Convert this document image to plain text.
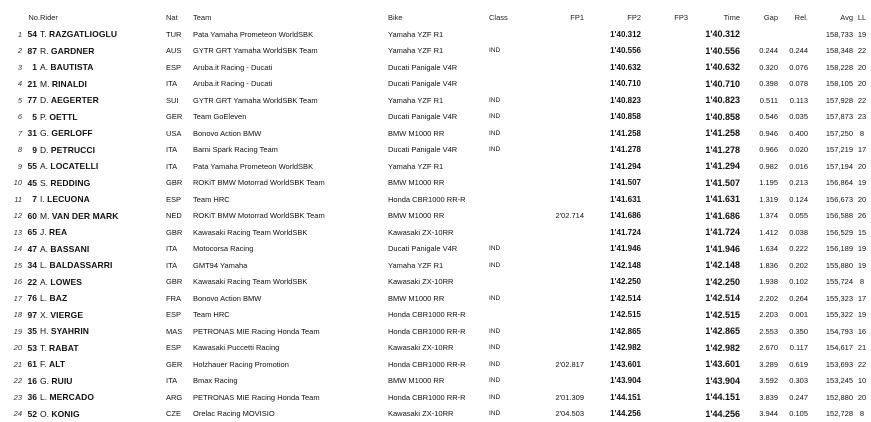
	No.	Rider	Nat	Team	Bike	Class	FP1	FP2	FP3	Time	Gap	Rel.	Avg	LL
1	54	T. RAZGATLIOGLU	TUR	Pata Yamaha Prometeon WorldSBK	Yamaha YZF R1			1'40.312		1'40.312			158,733	19
2	87	R. GARDNER	AUS	GYTR GRT Yamaha WorldSBK Team	Yamaha YZF R1	IND		1'40.556		1'40.556	0.244	0.244	158,348	22
3	1	A. BAUTISTA	ESP	Aruba.it Racing - Ducati	Ducati Panigale V4R			1'40.632		1'40.632	0.320	0.076	158,228	20
4	21	M. RINALDI	ITA	Aruba.it Racing - Ducati	Ducati Panigale V4R			1'40.710		1'40.710	0.398	0.078	158,105	20
5	77	D. AEGERTER	SUI	GYTR GRT Yamaha WorldSBK Team	Yamaha YZF R1	IND		1'40.823		1'40.823	0.511	0.113	157,928	22
6	5	P. OETTL	GER	Team GoEleven	Ducati Panigale V4R	IND		1'40.858		1'40.858	0.546	0.035	157,873	23
7	31	G. GERLOFF	USA	Bonovo Action BMW	BMW M1000 RR	IND		1'41.258		1'41.258	0.946	0.400	157,250	8
8	9	D. PETRUCCI	ITA	Barni Spark Racing Team	Ducati Panigale V4R	IND		1'41.278		1'41.278	0.966	0.020	157,219	17
9	55	A. LOCATELLI	ITA	Pata Yamaha Prometeon WorldSBK	Yamaha YZF R1			1'41.294		1'41.294	0.982	0.016	157,194	20
10	45	S. REDDING	GBR	ROKiT BMW Motorrad WorldSBK Team	BMW M1000 RR			1'41.507		1'41.507	1.195	0.213	156,864	19
11	7	I. LECUONA	ESP	Team HRC	Honda CBR1000 RR-R			1'41.631		1'41.631	1.319	0.124	156,673	20
12	60	M. VAN DER MARK	NED	ROKiT BMW Motorrad WorldSBK Team	BMW M1000 RR		2'02.714	1'41.686		1'41.686	1.374	0.055	156,588	26
13	65	J. REA	GBR	Kawasaki Racing Team WorldSBK	Kawasaki ZX-10RR			1'41.724		1'41.724	1.412	0.038	156,529	15
14	47	A. BASSANI	ITA	Motocorsa Racing	Ducati Panigale V4R	IND		1'41.946		1'41.946	1.634	0.222	156,189	19
15	34	L. BALDASSARRI	ITA	GMT94 Yamaha	Yamaha YZF R1	IND		1'42.148		1'42.148	1.836	0.202	155,880	19
16	22	A. LOWES	GBR	Kawasaki Racing Team WorldSBK	Kawasaki ZX-10RR			1'42.250		1'42.250	1.938	0.102	155,724	8
17	76	L. BAZ	FRA	Bonovo Action BMW	BMW M1000 RR	IND		1'42.514		1'42.514	2.202	0.264	155,323	17
18	97	X. VIERGE	ESP	Team HRC	Honda CBR1000 RR-R			1'42.515		1'42.515	2.203	0.001	155,322	19
19	35	H. SYAHRIN	MAS	PETRONAS MIE Racing Honda Team	Honda CBR1000 RR-R	IND		1'42.865		1'42.865	2.553	0.350	154,793	16
20	53	T. RABAT	ESP	Kawasaki Puccetti Racing	Kawasaki ZX-10RR	IND		1'42.982		1'42.982	2.670	0.117	154,617	21
21	61	F. ALT	GER	Holzhauer Racing Promotion	Honda CBR1000 RR-R	IND	2'02.817	1'43.601		1'43.601	3.289	0.619	153,693	22
22	16	G. RUIU	ITA	Bmax Racing	BMW M1000 RR	IND		1'43.904		1'43.904	3.592	0.303	153,245	10
23	36	L. MERCADO	ARG	PETRONAS MIE Racing Honda Team	Honda CBR1000 RR-R	IND	2'01.309	1'44.151		1'44.151	3.839	0.247	152,880	20
24	52	O. KONIG	CZE	Orelac Racing MOVISIO	Kawasaki ZX-10RR	IND	2'04.503	1'44.256		1'44.256	3.944	0.105	152,728	8
